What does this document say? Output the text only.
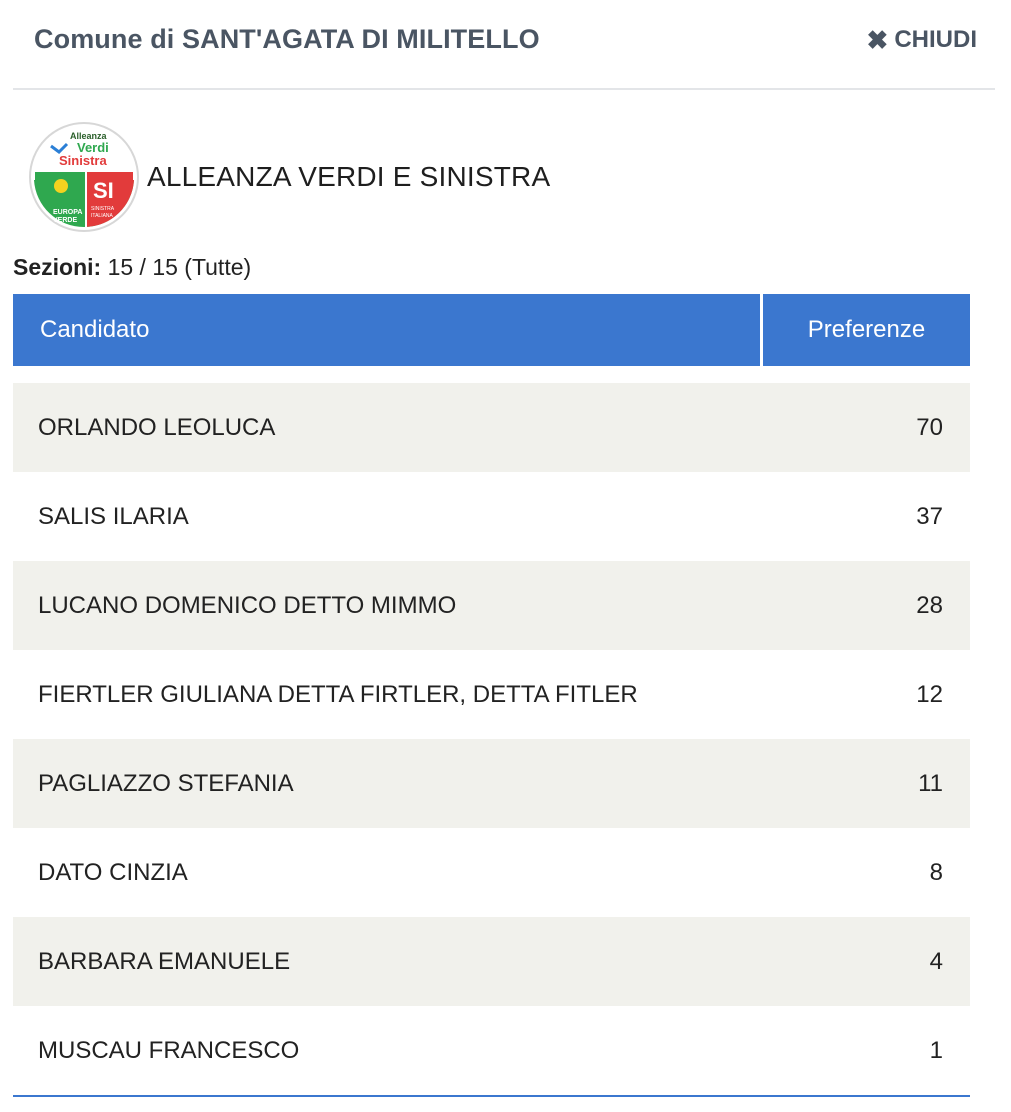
Comune di SANT'AGATA DI MILITELLO	✖ CHIUDI
EUROPA
VERDE
SI
SINISTRA
ITALIANA
Alleanza
Verdi
Sinistra
ALLEANZA VERDI E SINISTRA
Sezioni: 15 / 15 (Tutte)
Candidato	Preferenze

ORLANDO LEOLUCA	70
SALIS ILARIA	37
LUCANO DOMENICO DETTO MIMMO	28
FIERTLER GIULIANA DETTA FIRTLER, DETTA FITLER	12
PAGLIAZZO STEFANIA	11
DATO CINZIA	8
BARBARA EMANUELE	4
MUSCAU FRANCESCO	1
